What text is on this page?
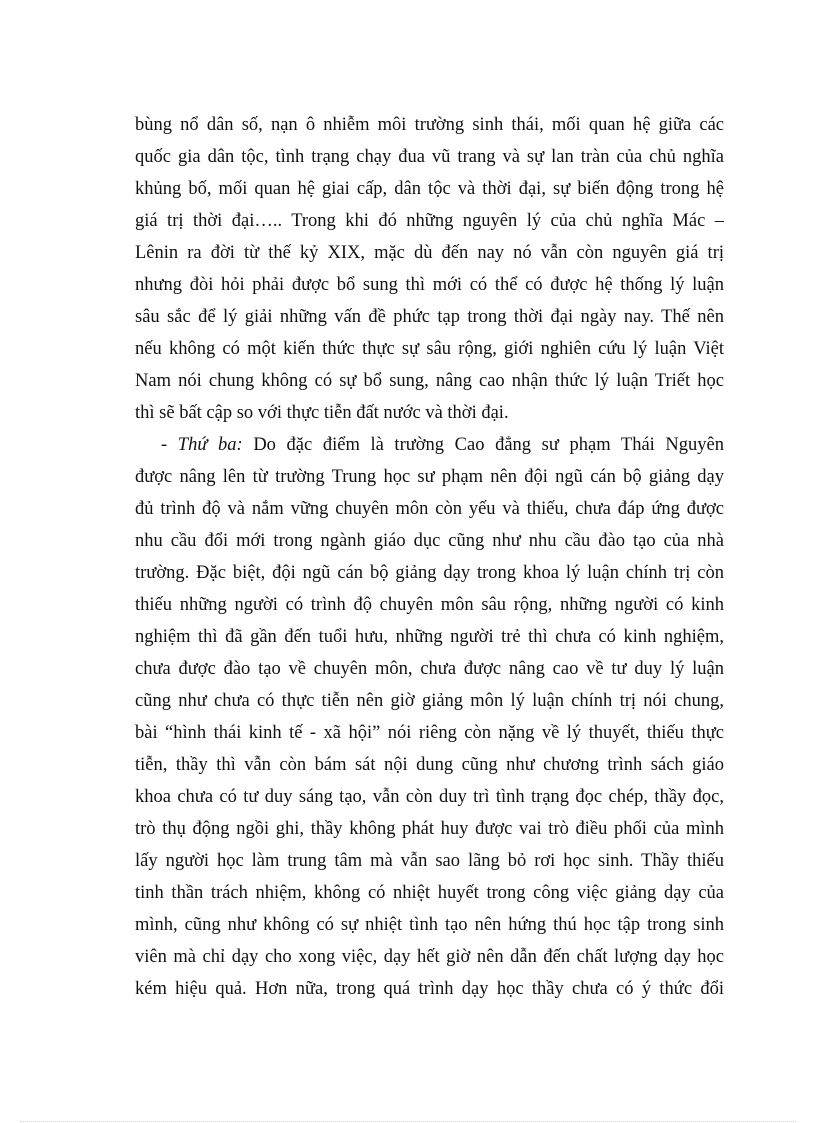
bùng nổ dân số, nạn ô nhiễm môi trường sinh thái, mối quan hệ giữa các
quốc gia dân tộc, tình trạng chạy đua vũ trang và sự lan tràn của chủ nghĩa
khủng bố, mối quan hệ giai cấp, dân tộc và thời đại, sự biến động trong hệ
giá trị thời đại….. Trong khi đó những nguyên lý của chủ nghĩa Mác –
Lênin ra đời từ thế kỷ XIX, mặc dù đến nay nó vẫn còn nguyên giá trị
nhưng đòi hỏi phải được bổ sung thì mới có thể có được hệ thống lý luận
sâu sắc để lý giải những vấn đề phức tạp trong thời đại ngày nay. Thế nên
nếu không có một kiến thức thực sự sâu rộng, giới nghiên cứu lý luận Việt
Nam nói chung không có sự bổ sung, nâng cao nhận thức lý luận Triết học
thì sẽ bất cập so với thực tiễn đất nước và thời đại.
- Thứ ba: Do đặc điểm là trường Cao đẳng sư phạm Thái Nguyên
được nâng lên từ trường Trung học sư phạm nên đội ngũ cán bộ giảng dạy
đủ trình độ và nắm vững chuyên môn còn yếu và thiếu, chưa đáp ứng được
nhu cầu đổi mới trong ngành giáo dục cũng như nhu cầu đào tạo của nhà
trường. Đặc biệt, đội ngũ cán bộ giảng dạy trong khoa lý luận chính trị còn
thiếu những người có trình độ chuyên môn sâu rộng, những người có kinh
nghiệm thì đã gần đến tuổi hưu, những người trẻ thì chưa có kinh nghiệm,
chưa được đào tạo về chuyên môn, chưa được nâng cao về tư duy lý luận
cũng như chưa có thực tiễn nên giờ giảng môn lý luận chính trị nói chung,
bài “hình thái kinh tế - xã hội” nói riêng còn nặng về lý thuyết, thiếu thực
tiễn, thầy thì vẫn còn bám sát nội dung cũng như chương trình sách giáo
khoa chưa có tư duy sáng tạo, vẫn còn duy trì tình trạng đọc chép, thầy đọc,
trò thụ động ngồi ghi, thầy không phát huy được vai trò điều phối của mình
lấy người học làm trung tâm mà vẫn sao lãng bỏ rơi học sinh. Thầy thiếu
tinh thần trách nhiệm, không có nhiệt huyết trong công việc giảng dạy của
mình, cũng như không có sự nhiệt tình tạo nên hứng thú học tập trong sinh
viên mà chỉ dạy cho xong việc, dạy hết giờ nên dẫn đến chất lượng dạy học
kém hiệu quả. Hơn nữa, trong quá trình dạy học thầy chưa có ý thức đổi
